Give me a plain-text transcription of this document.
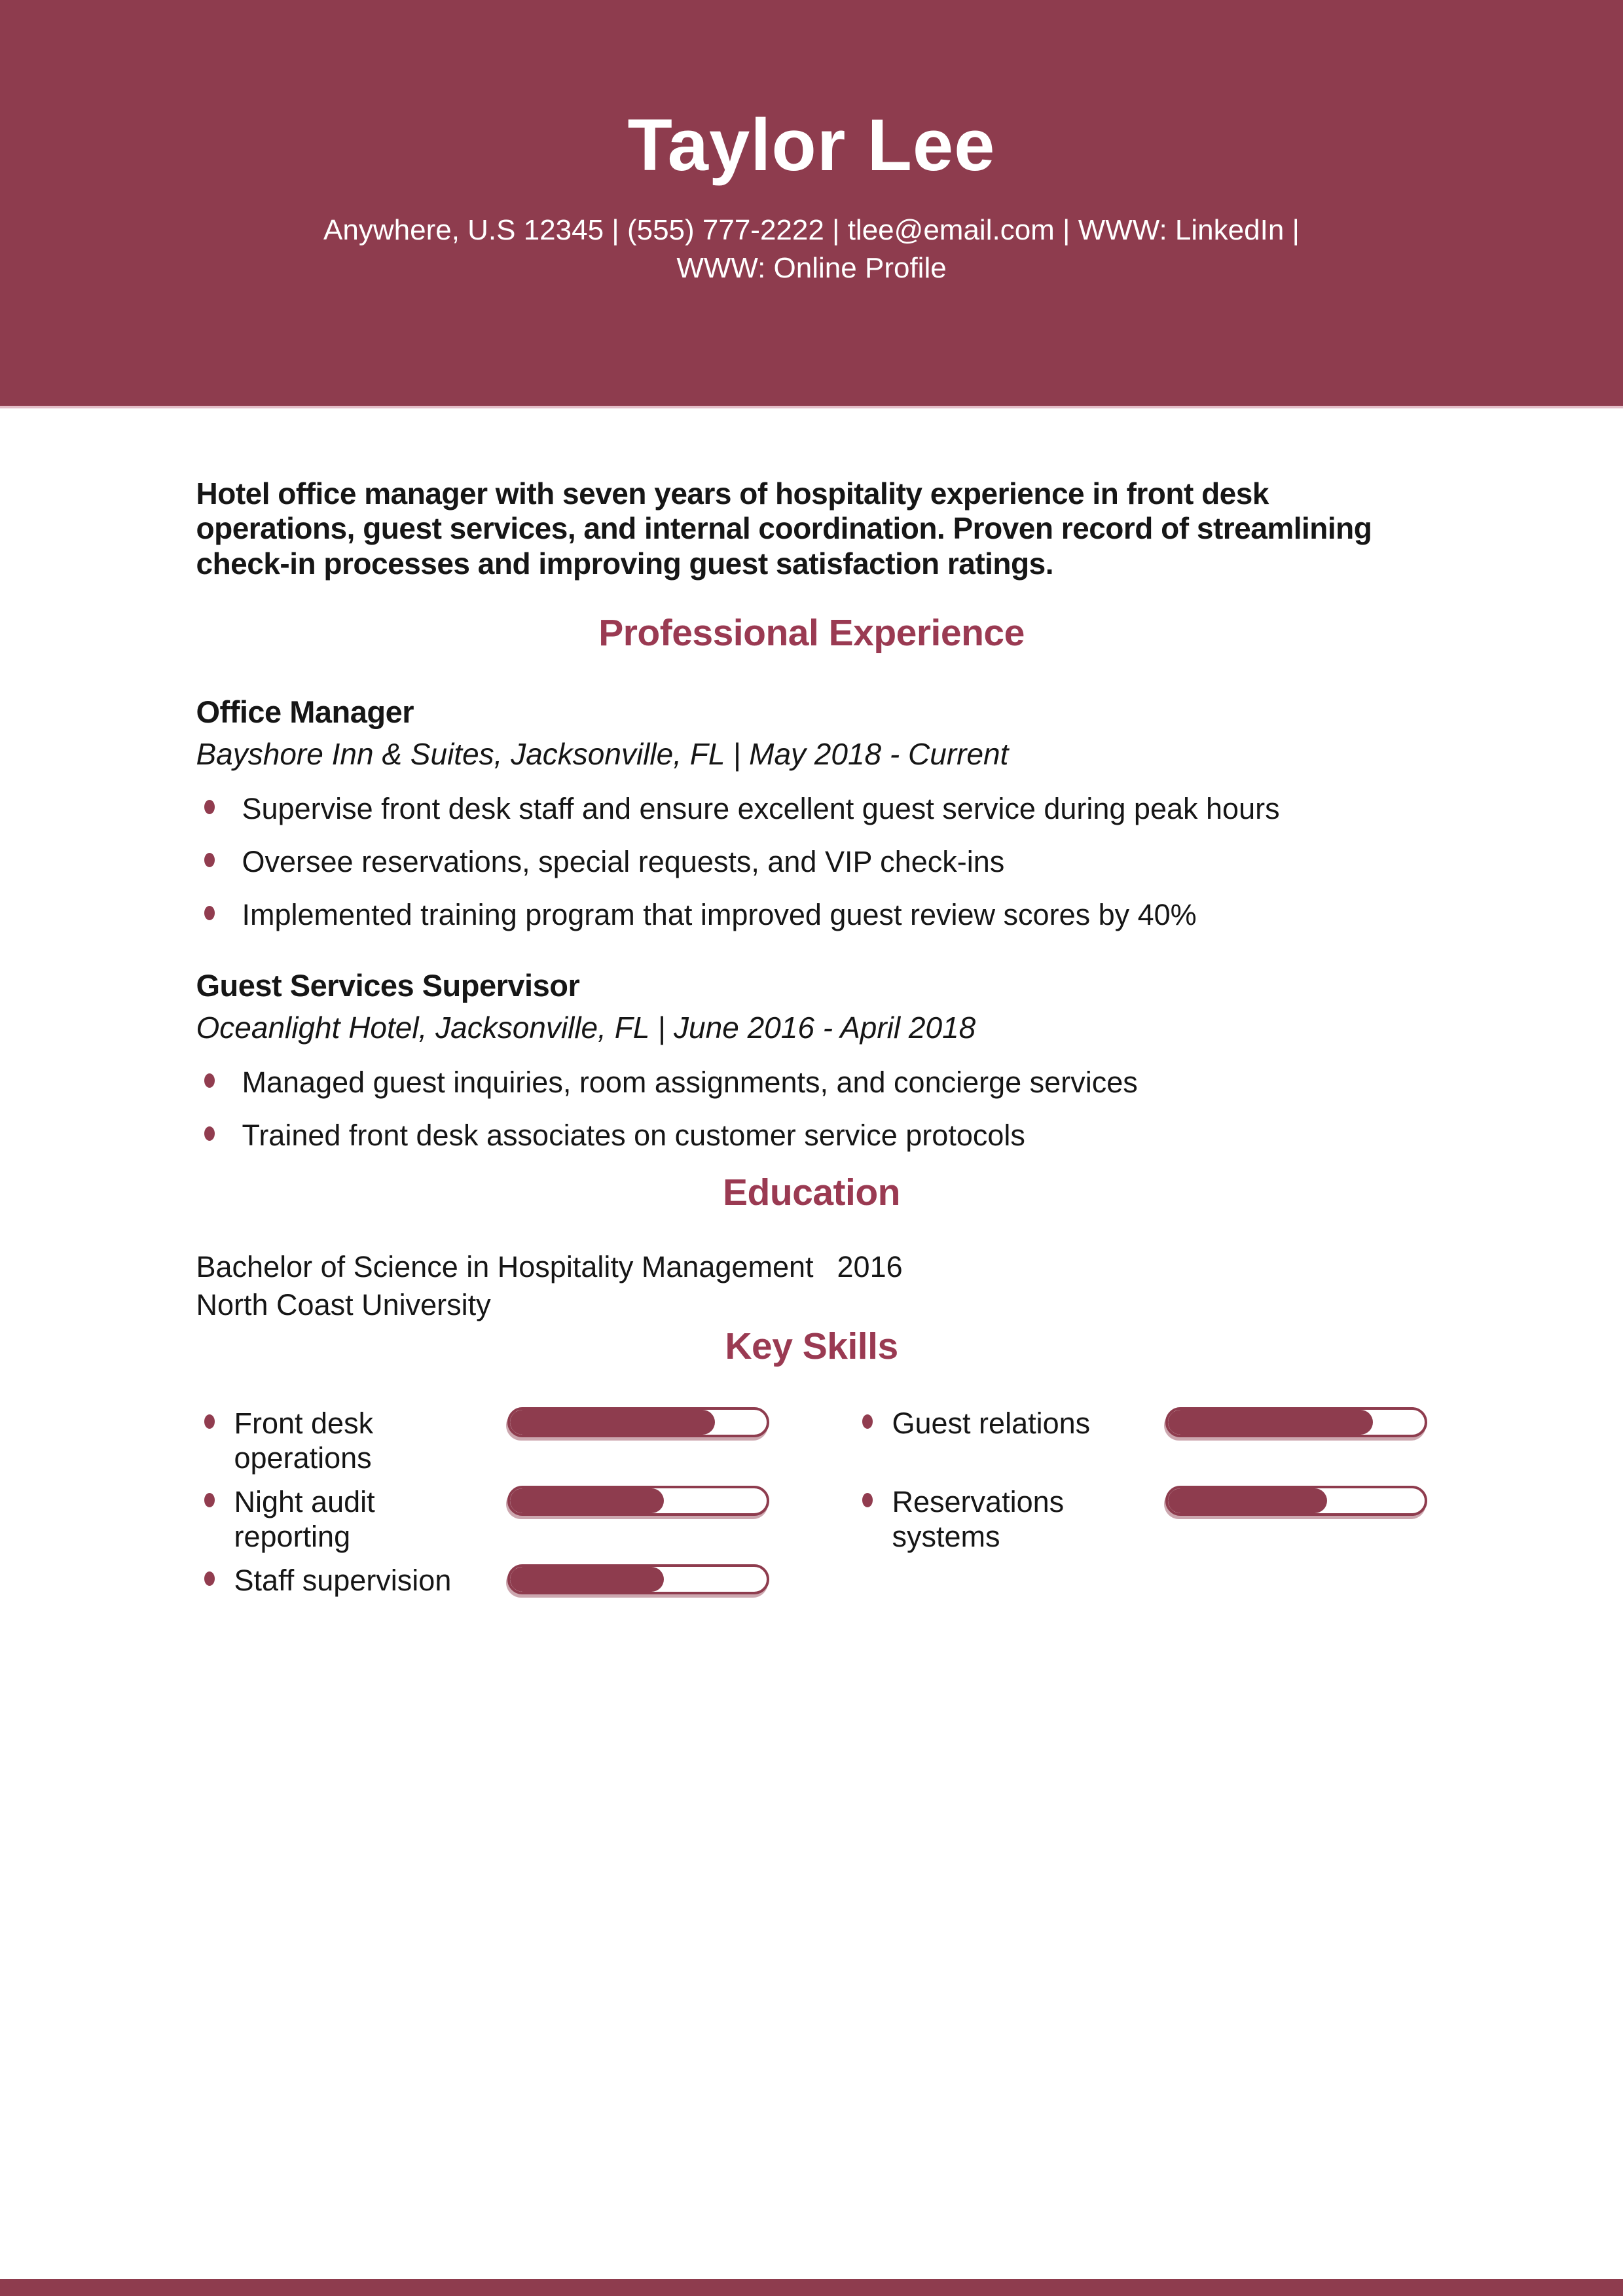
Taylor Lee
Anywhere, U.S 12345 | (555) 777-2222 | tlee@email.com | WWW: LinkedIn |
WWW: Online Profile

Hotel office manager with seven years of hospitality experience in front desk operations, guest services, and internal coordination. Proven record of streamlining check-in processes and improving guest satisfaction ratings.

Professional Experience
Office Manager
Bayshore Inn & Suites, Jacksonville, FL | May 2018 - Current
Supervise front desk staff and ensure excellent guest service during peak hours
Oversee reservations, special requests, and VIP check-ins
Implemented training program that improved guest review scores by 40%
Guest Services Supervisor
Oceanlight Hotel, Jacksonville, FL | June 2016 - April 2018
Managed guest inquiries, room assignments, and concierge services
Trained front desk associates on customer service protocols
Education
Bachelor of Science in Hospitality Management 2016
North Coast University
Key Skills
Front desk operations
Guest relations
Night audit reporting
Reservations systems
Staff supervision
